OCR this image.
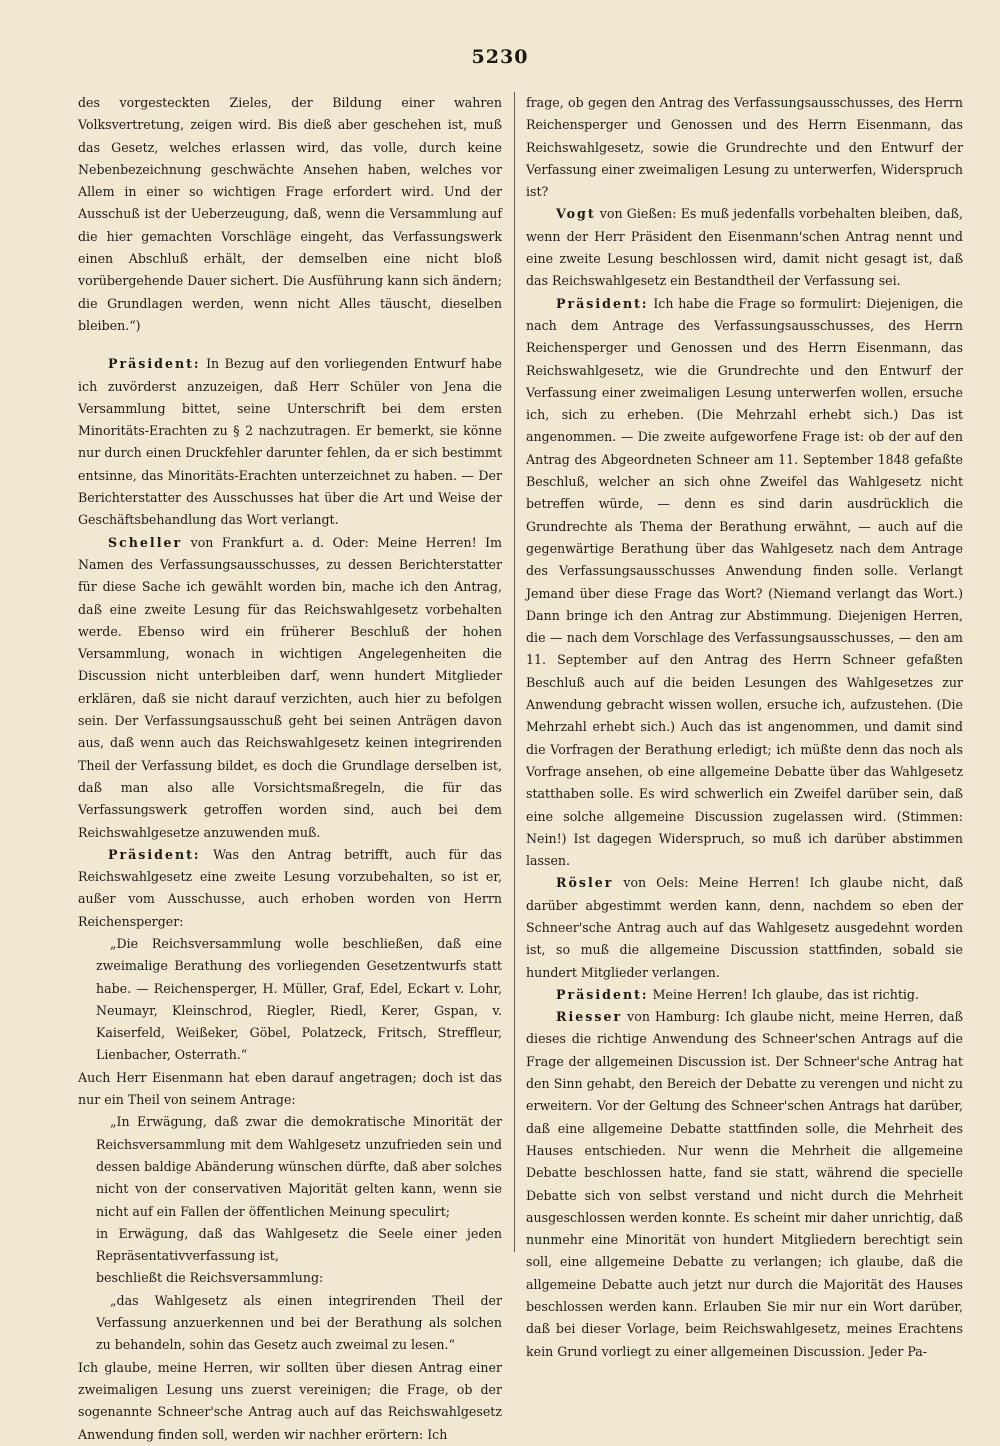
5230

des vorgesteckten Zieles, der Bildung einer wahren Volksvertretung, zeigen wird. Bis dieß aber geschehen ist, muß das Gesetz, welches erlassen wird, das volle, durch keine Nebenbezeichnung geschwächte Ansehen haben, welches vor Allem in einer so wichtigen Frage erfordert wird. Und der Ausschuß ist der Ueberzeugung, daß, wenn die Versammlung auf die hier gemachten Vorschläge eingeht, das Verfassungswerk einen Abschluß erhält, der demselben eine nicht bloß vorübergehende Dauer sichert. Die Ausführung kann sich ändern; die Grundlagen werden, wenn nicht Alles täuscht, dieselben bleiben.“)

Präsident: In Bezug auf den vorliegenden Entwurf habe ich zuvörderst anzuzeigen, daß Herr Schüler von Jena die Versammlung bittet, seine Unterschrift bei dem ersten Minoritäts-Erachten zu § 2 nachzutragen. Er bemerkt, sie könne nur durch einen Druckfehler darunter fehlen, da er sich bestimmt entsinne, das Minoritäts-Erachten unterzeichnet zu haben. — Der Berichterstatter des Ausschusses hat über die Art und Weise der Geschäftsbehandlung das Wort verlangt.

Scheller von Frankfurt a. d. Oder: Meine Herren! Im Namen des Verfassungsausschusses, zu dessen Berichterstatter für diese Sache ich gewählt worden bin, mache ich den Antrag, daß eine zweite Lesung für das Reichswahlgesetz vorbehalten werde. Ebenso wird ein früherer Beschluß der hohen Versammlung, wonach in wichtigen Angelegenheiten die Discussion nicht unterbleiben darf, wenn hundert Mitglieder erklären, daß sie nicht darauf verzichten, auch hier zu befolgen sein. Der Verfassungsausschuß geht bei seinen Anträgen davon aus, daß wenn auch das Reichswahlgesetz keinen integrirenden Theil der Verfassung bildet, es doch die Grundlage derselben ist, daß man also alle Vorsichtsmaßregeln, die für das Verfassungswerk getroffen worden sind, auch bei dem Reichswahlgesetze anzuwenden muß.

Präsident: Was den Antrag betrifft, auch für das Reichswahlgesetz eine zweite Lesung vorzubehalten, so ist er, außer vom Ausschusse, auch erhoben worden von Herrn Reichensperger:

„Die Reichsversammlung wolle beschließen, daß eine zweimalige Berathung des vorliegenden Gesetzentwurfs statt habe. — Reichensperger, H. Müller, Graf, Edel, Eckart v. Lohr, Neumayr, Kleinschrod, Riegler, Riedl, Kerer, Gspan, v. Kaiserfeld, Weißeker, Göbel, Polatzeck, Fritsch, Streffleur, Lienbacher, Osterrath.“

Auch Herr Eisenmann hat eben darauf angetragen; doch ist das nur ein Theil von seinem Antrage:

„In Erwägung, daß zwar die demokratische Minorität der Reichsversammlung mit dem Wahlgesetz unzufrieden sein und dessen baldige Abänderung wünschen dürfte, daß aber solches nicht von der conservativen Majorität gelten kann, wenn sie nicht auf ein Fallen der öffentlichen Meinung speculirt;

in Erwägung, daß das Wahlgesetz die Seele einer jeden Repräsentativverfassung ist,

beschließt die Reichsversammlung:

„das Wahlgesetz als einen integrirenden Theil der Verfassung anzuerkennen und bei der Berathung als solchen zu behandeln, sohin das Gesetz auch zweimal zu lesen.“

Ich glaube, meine Herren, wir sollten über diesen Antrag einer zweimaligen Lesung uns zuerst vereinigen; die Frage, ob der sogenannte Schneer'sche Antrag auch auf das Reichswahlgesetz Anwendung finden soll, werden wir nachher erörtern: Ich

frage, ob gegen den Antrag des Verfassungsausschusses, des Herrn Reichensperger und Genossen und des Herrn Eisenmann, das Reichswahlgesetz, sowie die Grundrechte und den Entwurf der Verfassung einer zweimaligen Lesung zu unterwerfen, Widerspruch ist?

Vogt von Gießen: Es muß jedenfalls vorbehalten bleiben, daß, wenn der Herr Präsident den Eisenmann'schen Antrag nennt und eine zweite Lesung beschlossen wird, damit nicht gesagt ist, daß das Reichswahlgesetz ein Bestandtheil der Verfassung sei.

Präsident: Ich habe die Frage so formulirt: Diejenigen, die nach dem Antrage des Verfassungsausschusses, des Herrn Reichensperger und Genossen und des Herrn Eisenmann, das Reichswahlgesetz, wie die Grundrechte und den Entwurf der Verfassung einer zweimaligen Lesung unterwerfen wollen, ersuche ich, sich zu erheben. (Die Mehrzahl erhebt sich.) Das ist angenommen. — Die zweite aufgeworfene Frage ist: ob der auf den Antrag des Abgeordneten Schneer am 11. September 1848 gefaßte Beschluß, welcher an sich ohne Zweifel das Wahlgesetz nicht betreffen würde, — denn es sind darin ausdrücklich die Grundrechte als Thema der Berathung erwähnt, — auch auf die gegenwärtige Berathung über das Wahlgesetz nach dem Antrage des Verfassungsausschusses Anwendung finden solle. Verlangt Jemand über diese Frage das Wort? (Niemand verlangt das Wort.) Dann bringe ich den Antrag zur Abstimmung. Diejenigen Herren, die — nach dem Vorschlage des Verfassungsausschusses, — den am 11. September auf den Antrag des Herrn Schneer gefaßten Beschluß auch auf die beiden Lesungen des Wahlgesetzes zur Anwendung gebracht wissen wollen, ersuche ich, aufzustehen. (Die Mehrzahl erhebt sich.) Auch das ist angenommen, und damit sind die Vorfragen der Berathung erledigt; ich müßte denn das noch als Vorfrage ansehen, ob eine allgemeine Debatte über das Wahlgesetz statthaben solle. Es wird schwerlich ein Zweifel darüber sein, daß eine solche allgemeine Discussion zugelassen wird. (Stimmen: Nein!) Ist dagegen Widerspruch, so muß ich darüber abstimmen lassen.

Rösler von Oels: Meine Herren! Ich glaube nicht, daß darüber abgestimmt werden kann, denn, nachdem so eben der Schneer'sche Antrag auch auf das Wahlgesetz ausgedehnt worden ist, so muß die allgemeine Discussion stattfinden, sobald sie hundert Mitglieder verlangen.

Präsident: Meine Herren! Ich glaube, das ist richtig.

Riesser von Hamburg: Ich glaube nicht, meine Herren, daß dieses die richtige Anwendung des Schneer'schen Antrags auf die Frage der allgemeinen Discussion ist. Der Schneer'sche Antrag hat den Sinn gehabt, den Bereich der Debatte zu verengen und nicht zu erweitern. Vor der Geltung des Schneer'schen Antrags hat darüber, daß eine allgemeine Debatte stattfinden solle, die Mehrheit des Hauses entschieden. Nur wenn die Mehrheit die allgemeine Debatte beschlossen hatte, fand sie statt, während die specielle Debatte sich von selbst verstand und nicht durch die Mehrheit ausgeschlossen werden konnte. Es scheint mir daher unrichtig, daß nunmehr eine Minorität von hundert Mitgliedern berechtigt sein soll, eine allgemeine Debatte zu verlangen; ich glaube, daß die allgemeine Debatte auch jetzt nur durch die Majorität des Hauses beschlossen werden kann. Erlauben Sie mir nur ein Wort darüber, daß bei dieser Vorlage, beim Reichswahlgesetz, meines Erachtens kein Grund vorliegt zu einer allgemeinen Discussion. Jeder Pa-
